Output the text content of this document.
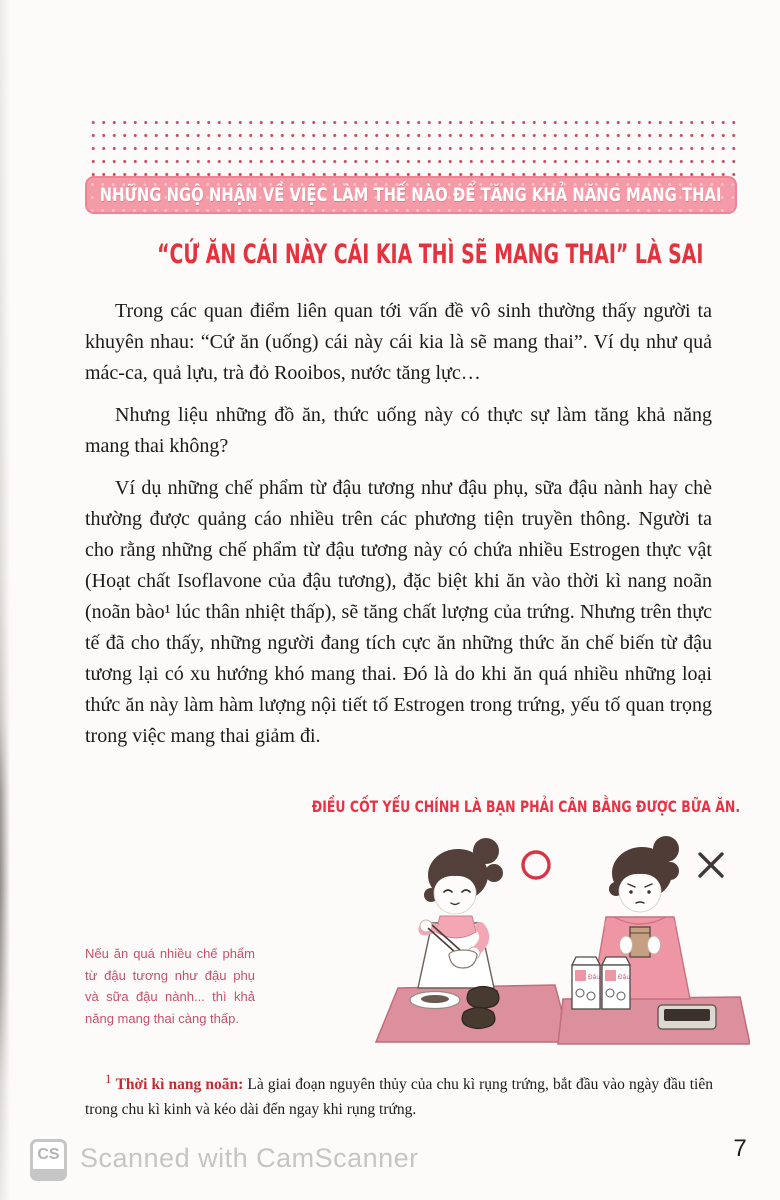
NHỮNG NGỘ NHẬN VỀ VIỆC LÀM THẾ NÀO ĐỂ TĂNG KHẢ NĂNG MANG THAI
“CỨ ĂN CÁI NÀY CÁI KIA THÌ SẼ MANG THAI” LÀ SAI

Trong các quan điểm liên quan tới vấn đề vô sinh thường thấy người ta khuyên nhau: “Cứ ăn (uống) cái này cái kia là sẽ mang thai”. Ví dụ như quả mác-ca, quả lựu, trà đỏ Rooibos, nước tăng lực…

Nhưng liệu những đồ ăn, thức uống này có thực sự làm tăng khả năng mang thai không?

Ví dụ những chế phẩm từ đậu tương như đậu phụ, sữa đậu nành hay chè thường được quảng cáo nhiều trên các phương tiện truyền thông. Người ta cho rằng những chế phẩm từ đậu tương này có chứa nhiều Estrogen thực vật (Hoạt chất Isoflavone của đậu tương), đặc biệt khi ăn vào thời kì nang noãn (noãn bào¹ lúc thân nhiệt thấp), sẽ tăng chất lượng của trứng. Nhưng trên thực tế đã cho thấy, những người đang tích cực ăn những thức ăn chế biến từ đậu tương lại có xu hướng khó mang thai. Đó là do khi ăn quá nhiều những loại thức ăn này làm hàm lượng nội tiết tố Estrogen trong trứng, yếu tố quan trọng trong việc mang thai giảm đi.

ĐIỀU CỐT YẾU CHÍNH LÀ BẠN PHẢI CÂN BẰNG ĐƯỢC BỮA ĂN.
Đậu	Đậu
Nếu ăn quá nhiều chế phẩm từ đậu tương như đậu phụ và sữa đậu nành... thì khả năng mang thai càng thấp.

$^1$ Thời kì nang noãn: Là giai đoạn nguyên thủy của chu kì rụng trứng, bắt đầu vào ngày đầu tiên trong chu kì kinh và kéo dài đến ngay khi rụng trứng.

CS Scanned with CamScanner	7
